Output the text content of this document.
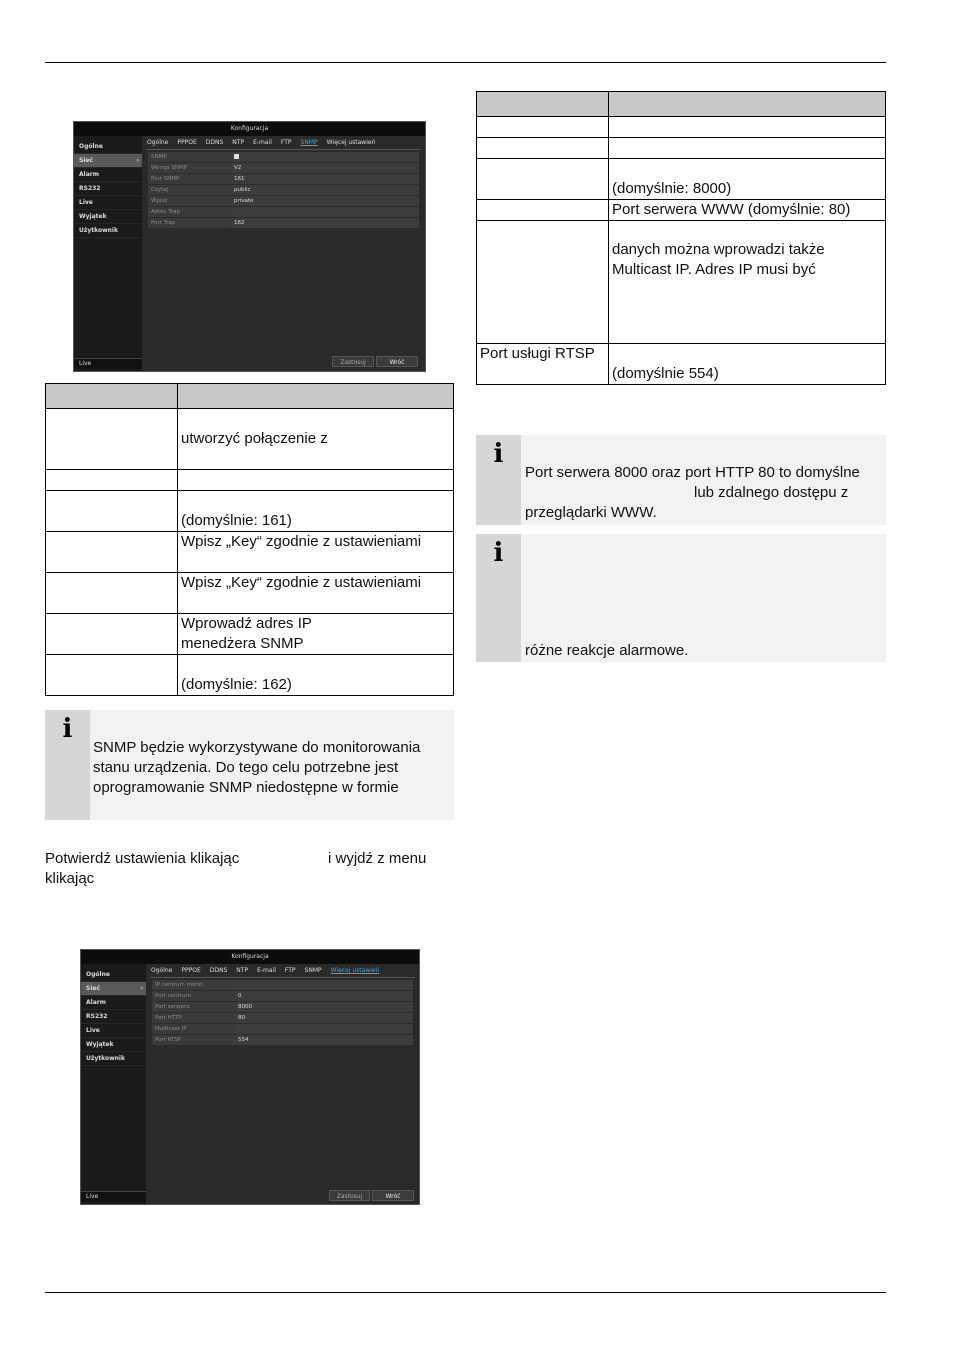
Konfiguracja
Ogólne
Sieć	›
Alarm
RS232
Live
Wyjątek
Użytkownik
Live
Ogólne PPPOE DDNS NTP E-mail FTP SNMP Więcej ustawień
SNMP
Wersja SNMP	V2
Port SNMP	161
Czytaj	public
Wpisz	private
Adres Trap
Port Trap	162
Zastosuj	Wróć

	utworzyć połączenie z

	(domyślnie: 161)
	Wpisz „Key“ zgodnie z ustawieniami
	Wpisz „Key“ zgodnie z ustawieniami
	Wprowadź adres IP
menedżera SNMP
	(domyślnie: 162)
i
SNMP będzie wykorzystywane do monitorowania
stanu urządzenia. Do tego celu potrzebne jest
oprogramowanie SNMP niedostępne w formie
Potwierdź ustawienia klikając	i wyjdź z menu
klikając
Konfiguracja
Ogólne
Sieć	›
Alarm
RS232
Live
Wyjątek
Użytkownik
Live
Ogólne PPPOE DDNS NTP E-mail FTP SNMP Więcej ustawień
IP centrum monit.
Port centrum	0
Port serwera	8000
Port HTTP	80
Multicast IP
Port RTSP	554
Zastosuj	Wróć

	(domyślnie: 8000)
	Port serwera WWW (domyślnie: 80)

	danych można wprowadzi także
Multicast IP. Adres IP musi być

Port usługi RTSP	(domyślnie 554)
i
Port serwera 8000 oraz port HTTP 80 to domyślne
lub zdalnego dostępu z
przeglądarki WWW.
i
różne reakcje alarmowe.
